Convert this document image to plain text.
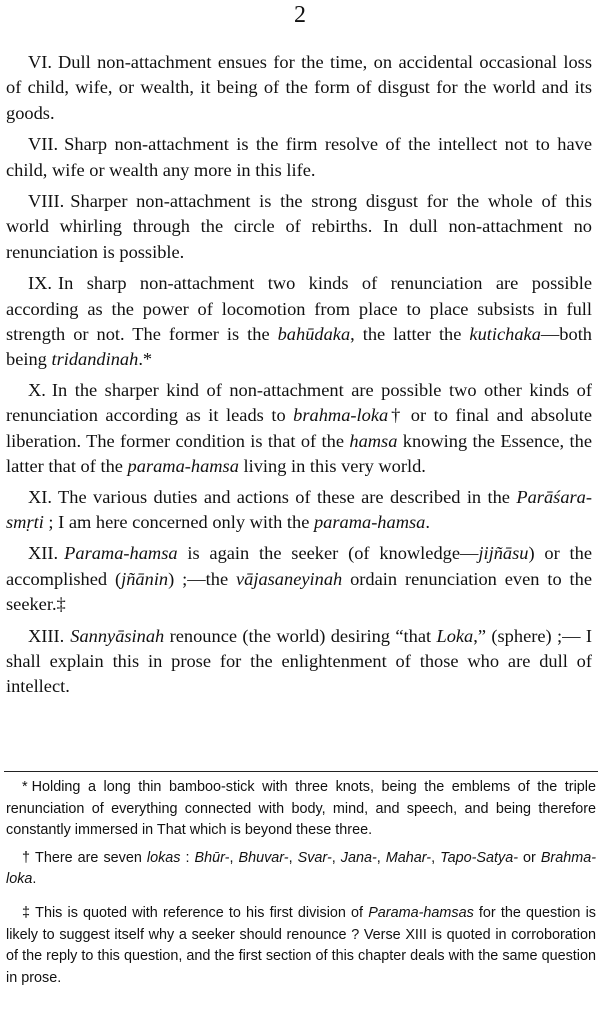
2

VI. Dull non-attachment ensues for the time, on accidental occasional loss of child, wife, or wealth, it being of the form of disgust for the world and its goods.

VII. Sharp non-attachment is the firm resolve of the intellect not to have child, wife or wealth any more in this life.

VIII. Sharper non-attachment is the strong disgust for the whole of this world whirling through the circle of rebirths. In dull non-attachment no renunciation is possible.

IX. In sharp non-attachment two kinds of renunciation are possible according as the power of locomotion from place to place subsists in full strength or not. The former is the bahūdaka, the latter the kutichaka—both being tridandinah.*

X. In the sharper kind of non-attachment are possible two other kinds of renunciation according as it leads to brahma-loka† or to final and absolute liberation. The former condition is that of the hamsa knowing the Essence, the latter that of the parama-hamsa living in this very world.

XI. The various duties and actions of these are described in the Parāśara-smṛti ; I am here concerned only with the parama-hamsa.

XII. Parama-hamsa is again the seeker (of knowledge—jijñāsu) or the accomplished (jñānin) ;—the vājasaneyinah ordain renunciation even to the seeker.‡

XIII. Sannyāsinah renounce (the world) desiring “that Loka,” (sphere) ;— I shall explain this in prose for the enlightenment of those who are dull of intellect.

* Holding a long thin bamboo-stick with three knots, being the emblems of the triple renunciation of everything connected with body, mind, and speech, and being therefore constantly immersed in That which is beyond these three.

† There are seven lokas : Bhūr-, Bhuvar-, Svar-, Jana-, Mahar-, Tapo-Satya- or Brahma-loka.

‡ This is quoted with reference to his first division of Parama-hamsas for the question is likely to suggest itself why a seeker should renounce ? Verse XIII is quoted in corroboration of the reply to this question, and the first section of this chapter deals with the same question in prose.
